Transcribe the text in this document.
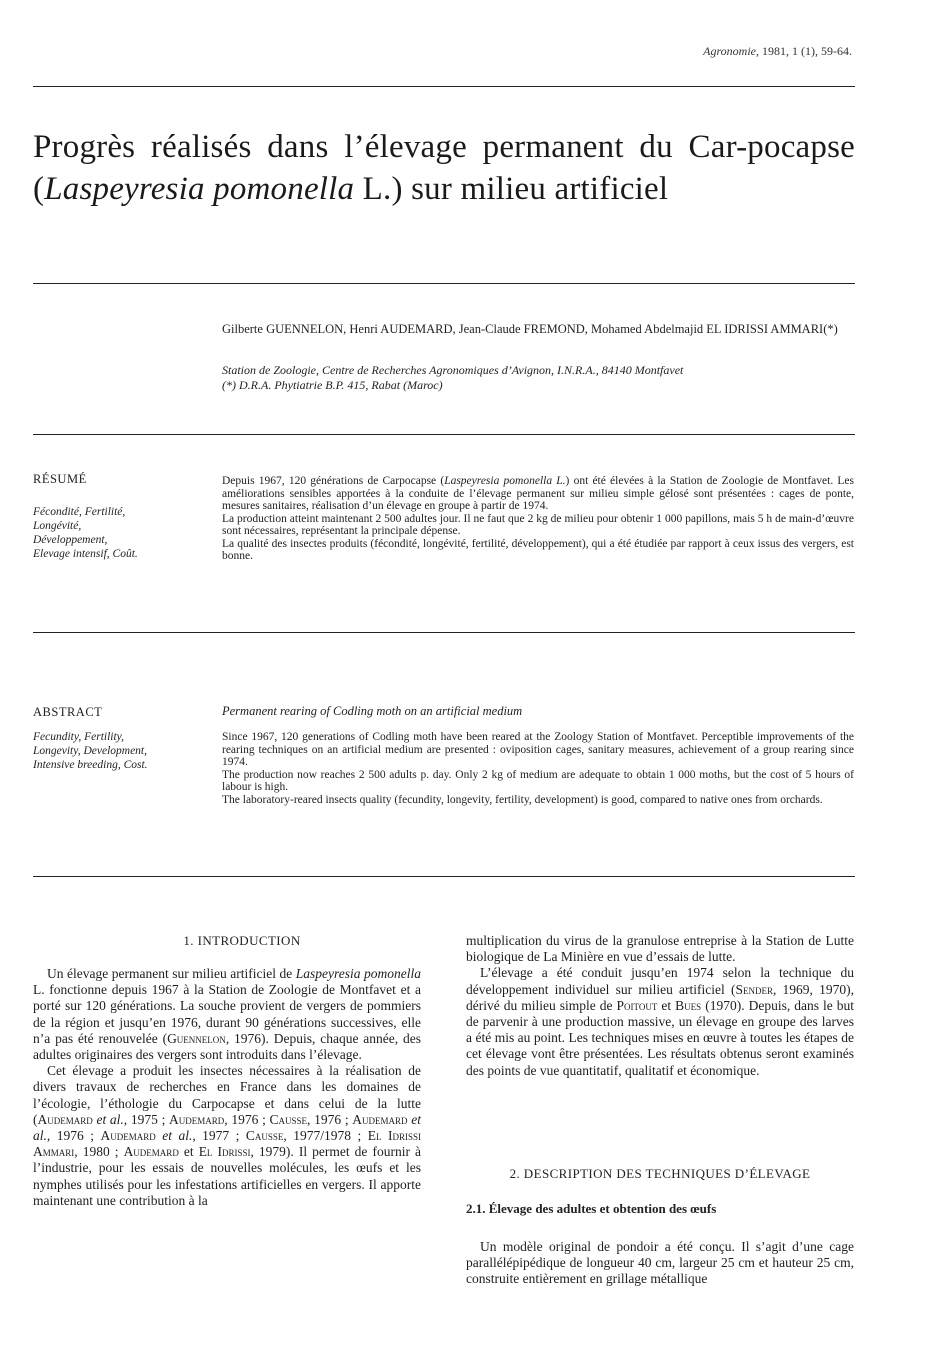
Agronomie, 1981, 1 (1), 59-64.
Progrès réalisés dans l’élevage permanent du Car-pocapse (Laspeyresia pomonella L.) sur milieu artificiel
Gilberte GUENNELON, Henri AUDEMARD, Jean-Claude FREMOND, Mohamed Abdelmajid EL IDRISSI AMMARI(*)
Station de Zoologie, Centre de Recherches Agronomiques d’Avignon, I.N.R.A., 84140 Montfavet
(*) D.R.A. Phytiatrie B.P. 415, Rabat (Maroc)
RÉSUMÉ
Fécondité, Fertilité,
Longévité,
Développement,
Elevage intensif, Coût.

Depuis 1967, 120 générations de Carpocapse (Laspeyresia pomonella L.) ont été élevées à la Station de Zoologie de Montfavet. Les améliorations sensibles apportées à la conduite de l’élevage permanent sur milieu simple gélosé sont présentées : cages de ponte, mesures sanitaires, réalisation d’un élevage en groupe à partir de 1974.

La production atteint maintenant 2 500 adultes jour. Il ne faut que 2 kg de milieu pour obtenir 1 000 papillons, mais 5 h de main-d’œuvre sont nécessaires, représentant la principale dépense.

La qualité des insectes produits (fécondité, longévité, fertilité, développement), qui a été étudiée par rapport à ceux issus des vergers, est bonne.

ABSTRACT
Fecundity, Fertility,
Longevity, Development,
Intensive breeding, Cost.
Permanent rearing of Codling moth on an artificial medium

Since 1967, 120 generations of Codling moth have been reared at the Zoology Station of Montfavet. Perceptible improvements of the rearing techniques on an artificial medium are presented : oviposition cages, sanitary measures, achievement of a group rearing since 1974.

The production now reaches 2 500 adults p. day. Only 2 kg of medium are adequate to obtain 1 000 moths, but the cost of 5 hours of labour is high.

The laboratory-reared insects quality (fecundity, longevity, fertility, development) is good, compared to native ones from orchards.

1. INTRODUCTION

Un élevage permanent sur milieu artificiel de Laspeyresia pomonella L. fonctionne depuis 1967 à la Station de Zoologie de Montfavet et a porté sur 120 générations. La souche provient de vergers de pommiers de la région et jusqu’en 1976, durant 90 générations successives, elle n’a pas été renouvelée (Guennelon, 1976). Depuis, chaque année, des adultes originaires des vergers sont introduits dans l’élevage.

Cet élevage a produit les insectes nécessaires à la réalisation de divers travaux de recherches en France dans les domaines de l’écologie, l’éthologie du Carpocapse et dans celui de la lutte (Audemard et al., 1975 ; Audemard, 1976 ; Causse, 1976 ; Audemard et al., 1976 ; Audemard et al., 1977 ; Causse, 1977/1978 ; El Idrissi Ammari, 1980 ; Audemard et El Idrissi, 1979). Il permet de fournir à l’industrie, pour les essais de nouvelles molécules, les œufs et les nymphes utilisés pour les infestations artificielles en vergers. Il apporte maintenant une contribution à la

multiplication du virus de la granulose entreprise à la Station de Lutte biologique de La Minière en vue d’essais de lutte.

L’élevage a été conduit jusqu’en 1974 selon la technique du développement individuel sur milieu artificiel (Sender, 1969, 1970), dérivé du milieu simple de Poitout et Bues (1970). Depuis, dans le but de parvenir à une production massive, un élevage en groupe des larves a été mis au point. Les techniques mises en œuvre à toutes les étapes de cet élevage vont être présentées. Les résultats obtenus seront examinés des points de vue quantitatif, qualitatif et économique.

2. DESCRIPTION DES TECHNIQUES D’ÉLEVAGE
2.1. Élevage des adultes et obtention des œufs

Un modèle original de pondoir a été conçu. Il s’agit d’une cage parallélépipédique de longueur 40 cm, largeur 25 cm et hauteur 25 cm, construite entièrement en grillage métallique
